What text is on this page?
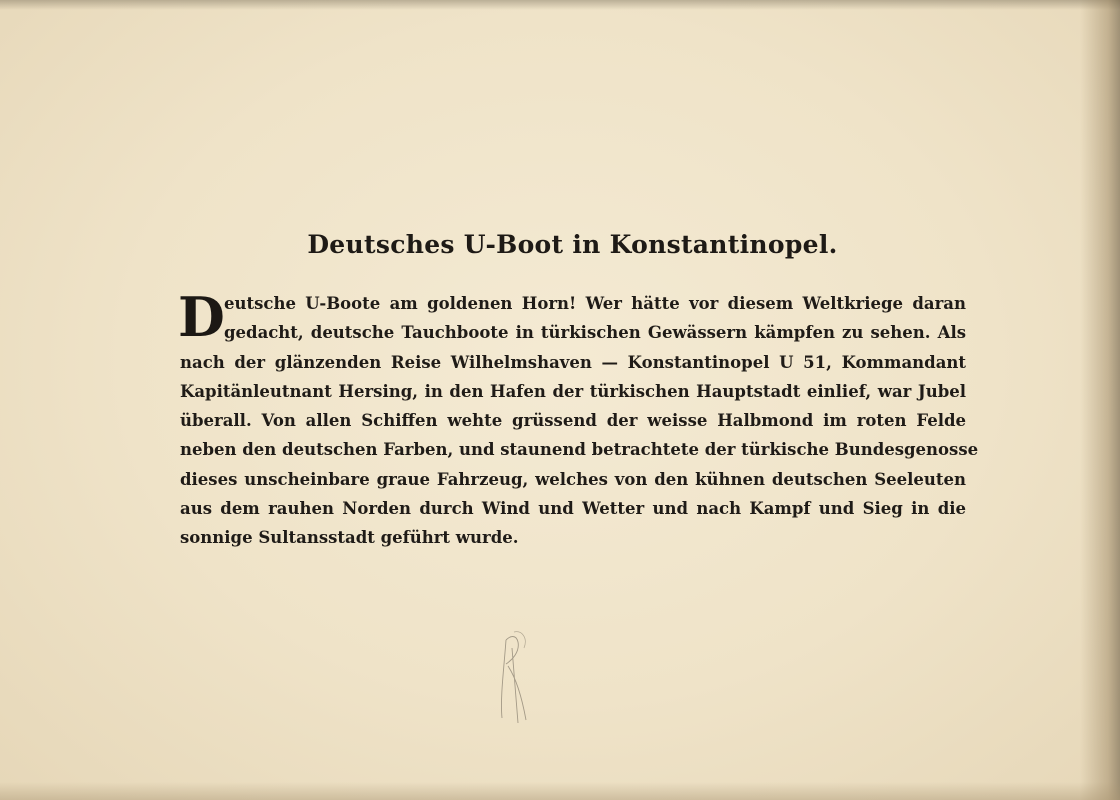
Deutsches U-Boot in Konstantinopel.
D eutsche U-Boote am goldenen Horn! Wer hätte vor diesem Weltkriege daran
gedacht, deutsche Tauchboote in türkischen Gewässern kämpfen zu sehen. Als
nach der glänzenden Reise Wilhelmshaven — Konstantinopel U 51, Kommandant
Kapitänleutnant Hersing, in den Hafen der türkischen Hauptstadt einlief, war Jubel
überall. Von allen Schiffen wehte grüssend der weisse Halbmond im roten Felde
neben den deutschen Farben, und staunend betrachtete der türkische Bundesgenosse
dieses unscheinbare graue Fahrzeug, welches von den kühnen deutschen Seeleuten
aus dem rauhen Norden durch Wind und Wetter und nach Kampf und Sieg in die
sonnige Sultansstadt geführt wurde.
